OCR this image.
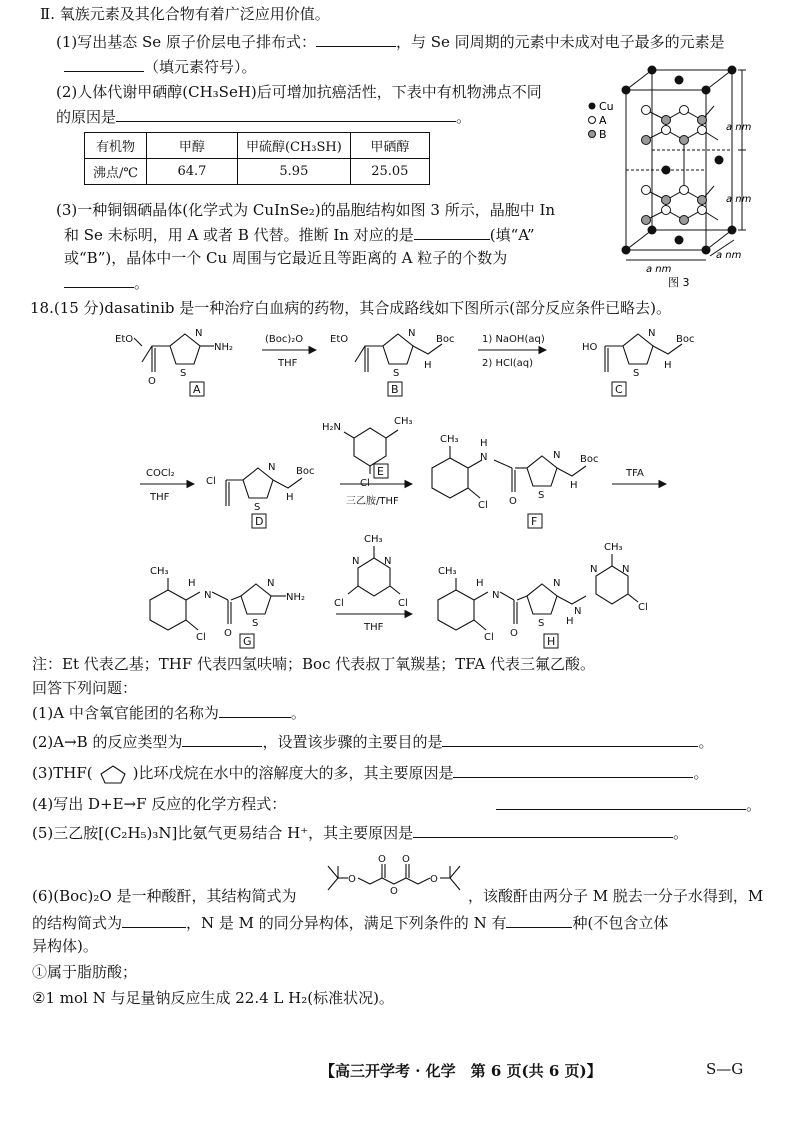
Ⅱ. 氧族元素及其化合物有着广泛应用价值。
(1)写出基态 Se 原子价层电子排布式：	，与 Se 同周期的元素中未成对电子最多的元素是
（填元素符号）。
(2)人体代谢甲硒醇(CH₃SeH)后可增加抗癌活性，下表中有机物沸点不同
的原因是	。
有机物	甲醇	甲硫醇(CH₃SH)	甲硒醇
沸点/℃	64.7	5.95	25.05
(3)一种铜铟硒晶体(化学式为 CuInSe₂)的晶胞结构如图 3 所示，晶胞中 In
和 Se 未标明，用 A 或者 B 代替。推断 In 对应的是	(填“A”
或“B”)，晶体中一个 Cu 周围与它最近且等距离的 A 粒子的个数为
。
Cu
A
B
a nm
a nm
a nm
a nm
图 3
18.(15 分)dasatinib 是一种治疗白血病的药物，其合成路线如下图所示(部分反应条件已略去)。
EtO
N
S
NH₂
O
(Boc)₂O
THF
EtO
N
S
Boc
H
1) NaOH(aq)
2) HCl(aq)
HO
N
S
Boc
H
COCl₂
THF
Cl
N
S
Boc
H
CH₃
H₂N
Cl
三乙胺/THF
CH₃
N
H
Cl O
N
S
Boc
H
TFA
CH₃
N
H
Cl O
N
S
NH₂
CH₃
N
N
Cl	Cl
THF
CH₃
N
H
Cl O
N
S
N
H
CH₃
N
N
Cl
A	B	C
D
E
F
G	H
注：Et 代表乙基；THF 代表四氢呋喃；Boc 代表叔丁氧羰基；TFA 代表三氟乙酸。
回答下列问题：
(1)A 中含氧官能团的名称为	。
(2)A→B 的反应类型为	，设置该步骤的主要目的是	。
(3)THF(	)比环戊烷在水中的溶解度大的多，其主要原因是	。
(4)写出 D+E→F 反应的化学方程式：	。
(5)三乙胺[(C₂H₅)₃N]比氨气更易结合 H⁺，其主要原因是	。
O
O
O
O
O
(6)(Boc)₂O 是一种酸酐，其结构简式为	，该酸酐由两分子 M 脱去一分子水得到，M
的结构简式为	，N 是 M 的同分异构体，满足下列条件的 N 有	种(不包含立体
异构体)。
①属于脂肪酸；
②1 mol N 与足量钠反应生成 22.4 L H₂(标准状况)。
【高三开学考 · 化学　第 6 页(共 6 页)】	S—G
